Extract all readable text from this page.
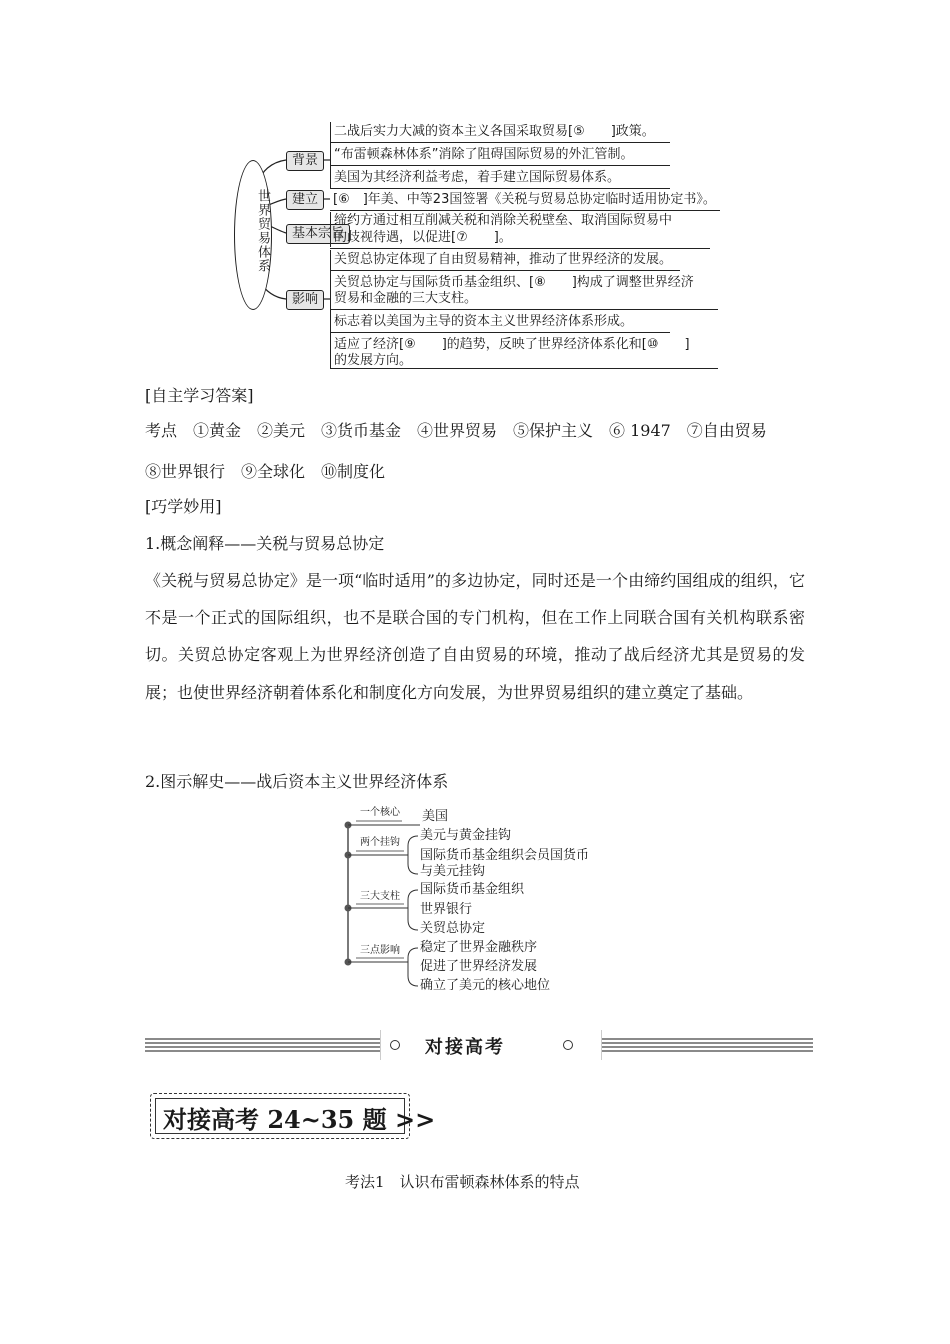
世界贸易体系
背景
建立
基本宗旨
影响
二战后实力大减的资本主义各国采取贸易[⑤　　]政策。
“布雷顿森林体系”消除了阻碍国际贸易的外汇管制。
美国为其经济利益考虑，着手建立国际贸易体系。
[⑥　]年美、中等23国签署《关税与贸易总协定临时适用协定书》。
缔约方通过相互削减关税和消除关税壁垒、取消国际贸易中
的歧视待遇，以促进[⑦　　]。
关贸总协定体现了自由贸易精神，推动了世界经济的发展。
关贸总协定与国际货币基金组织、[⑧　　]构成了调整世界经济
贸易和金融的三大支柱。
标志着以美国为主导的资本主义世界经济体系形成。
适应了经济[⑨　　]的趋势，反映了世界经济体系化和[⑩　　]
的发展方向。
[自主学习答案]
考点　①黄金　②美元　③货币基金　④世界贸易　⑤保护主义　⑥ 1947　⑦自由贸易
⑧世界银行　⑨全球化　⑩制度化
[巧学妙用]
1.概念阐释——关税与贸易总协定
《关税与贸易总协定》是一项“临时适用”的多边协定，同时还是一个由缔约国组成的组织，它不是一个正式的国际组织，也不是联合国的专门机构，但在工作上同联合国有关机构联系密切。关贸总协定客观上为世界经济创造了自由贸易的环境，推动了战后经济尤其是贸易的发展；也使世界经济朝着体系化和制度化方向发展，为世界贸易组织的建立奠定了基础。
2.图示解史——战后资本主义世界经济体系
一个核心 美国
两个挂钩 美元与黄金挂钩
国际货币基金组织会员国货币
与美元挂钩
三大支柱 国际货币基金组织
世界银行
关贸总协定
三点影响 稳定了世界金融秩序
促进了世界经济发展
确立了美元的核心地位
对接高考
对接高考 24~35 题 >>
考法1　认识布雷顿森林体系的特点
